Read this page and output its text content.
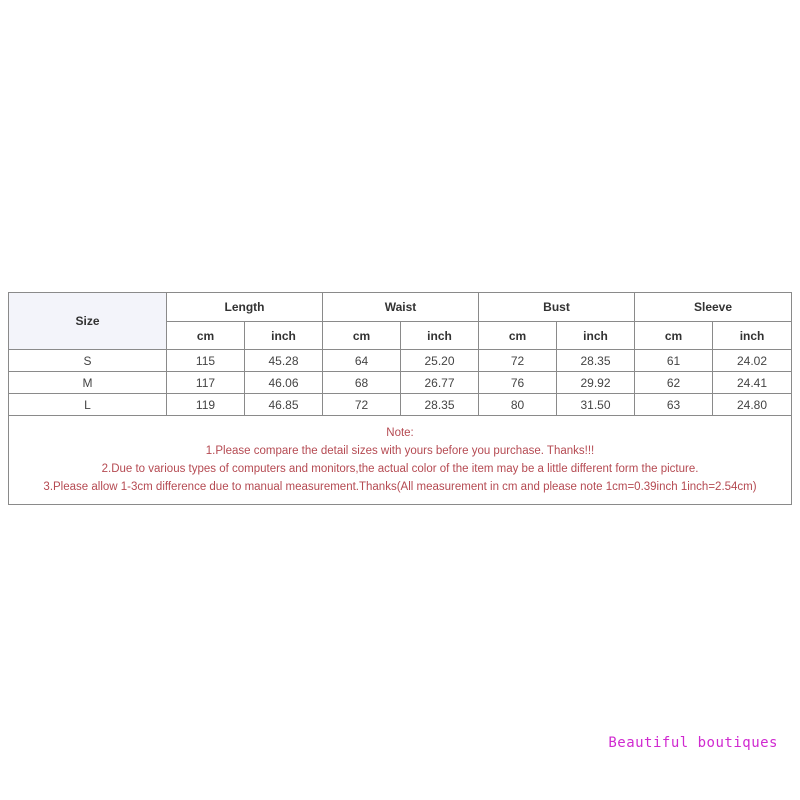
Size	Length		Waist		Bust		Sleeve	
	cm	inch	cm	inch	cm	inch	cm	inch
S	115	45.28	64	25.20	72	28.35	61	24.02
M	117	46.06	68	26.77	76	29.92	62	24.41
L	119	46.85	72	28.35	80	31.50	63	24.80

Note:
1.Please compare the detail sizes with yours before you purchase. Thanks!!!
2.Due to various types of computers and monitors,the actual color of the item may be a little different form the picture.
3.Please allow 1-3cm difference due to manual measurement.Thanks(All measurement in cm and please note 1cm=0.39inch 1inch=2.54cm)								
Beautiful boutiques
